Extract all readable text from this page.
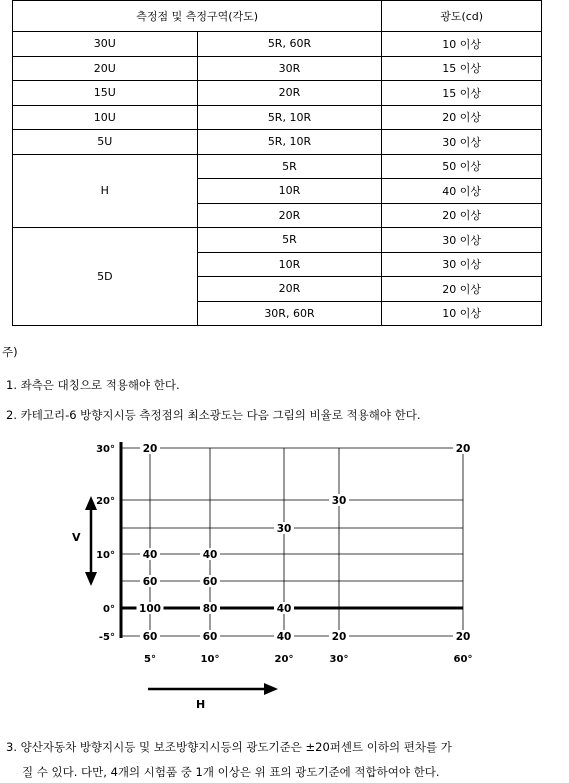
측정점 및 측정구역(각도)		광도(cd)
30U	5R, 60R	10 이상
20U	30R	15 이상
15U	20R	15 이상
10U	5R, 10R	20 이상
5U	5R, 10R	30 이상
H	5R	50 이상
	10R	40 이상
	20R	20 이상
5D	5R	30 이상
	10R	30 이상
	20R	20 이상
	30R, 60R	10 이상
주)
1. 좌측은 대칭으로 적용해야 한다.
2. 카테고리-6 방향지시등 측정점의 최소광도는 다음 그림의 비율로 적용해야 한다.
20	20
30
30
40	40
60	60
100	80	40
60	60	40	20	20
30°
20°
10°
0°
-5°
5°	10°	20°	30°	60°
V
H
3. 양산자동차 방향지시등 및 보조방향지시등의 광도기준은 ±20퍼센트 이하의 편차를 가
질 수 있다. 다만, 4개의 시험품 중 1개 이상은 위 표의 광도기준에 적합하여야 한다.
